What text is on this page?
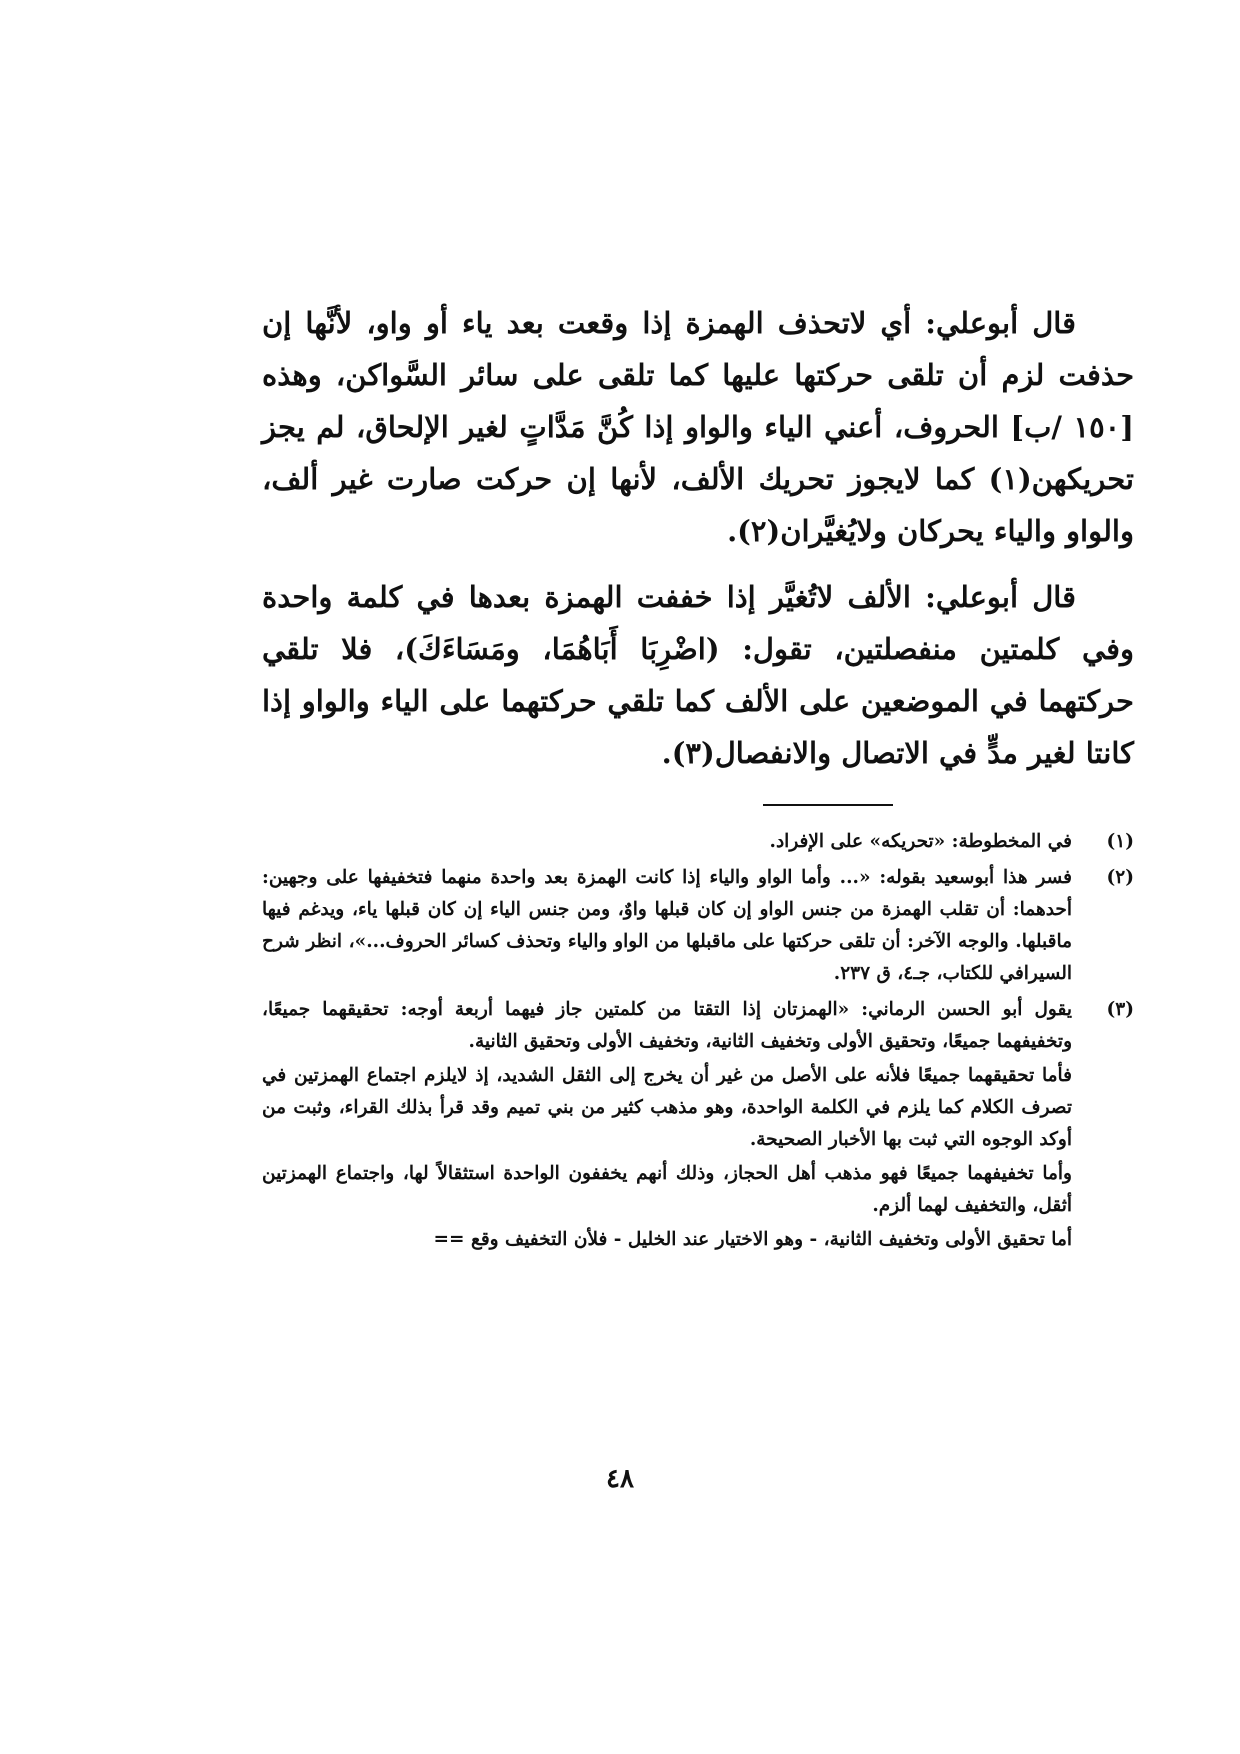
قال أبوعلي: أي لاتحذف الهمزة إذا وقعت بعد ياء أو واو، لأنَّها إن حذفت لزم أن تلقى حركتها عليها كما تلقى على سائر السَّواكن، وهذه [١٥٠ /ب] الحروف، أعني الياء والواو إذا كُنَّ مَدَّاتٍ لغير الإلحاق، لم يجز تحريكهن(١) كما لايجوز تحريك الألف، لأنها إن حركت صارت غير ألف، والواو والياء يحركان ولايُغيَّران(٢).

قال أبوعلي: الألف لاتُغيَّر إذا خففت الهمزة بعدها في كلمة واحدة وفي كلمتين منفصلتين، تقول: (اضْرِبَا أَبَاهُمَا، ومَسَاءَكَ)، فلا تلقي حركتهما في الموضعين على الألف كما تلقي حركتهما على الياء والواو إذا كانتا لغير مدٍّ في الاتصال والانفصال(٣).

(١)

في المخطوطة: «تحريكه» على الإفراد.

(٢)

فسر هذا أبوسعيد بقوله: «... وأما الواو والياء إذا كانت الهمزة بعد واحدة منهما فتخفيفها على وجهين: أحدهما: أن تقلب الهمزة من جنس الواو إن كان قبلها واوٌ، ومن جنس الياء إن كان قبلها ياء، ويدغم فيها ماقبلها. والوجه الآخر: أن تلقى حركتها على ماقبلها من الواو والياء وتحذف كسائر الحروف...»، انظر شرح السيرافي للكتاب، جـ٤، ق ٢٣٧.

(٣)

يقول أبو الحسن الرماني: «الهمزتان إذا التقتا من كلمتين جاز فيهما أربعة أوجه: تحقيقهما جميعًا، وتخفيفهما جميعًا، وتحقيق الأولى وتخفيف الثانية، وتخفيف الأولى وتحقيق الثانية.

فأما تحقيقهما جميعًا فلأنه على الأصل من غير أن يخرج إلى الثقل الشديد، إذ لايلزم اجتماع الهمزتين في تصرف الكلام كما يلزم في الكلمة الواحدة، وهو مذهب كثير من بني تميم وقد قرأ بذلك القراء، وثبت من أوكد الوجوه التي ثبت بها الأخبار الصحيحة.

وأما تخفيفهما جميعًا فهو مذهب أهل الحجاز، وذلك أنهم يخففون الواحدة استثقالاً لها، واجتماع الهمزتين أثقل، والتخفيف لهما ألزم.

أما تحقيق الأولى وتخفيف الثانية، - وهو الاختيار عند الخليل - فلأن التخفيف وقع ==

٤٨
